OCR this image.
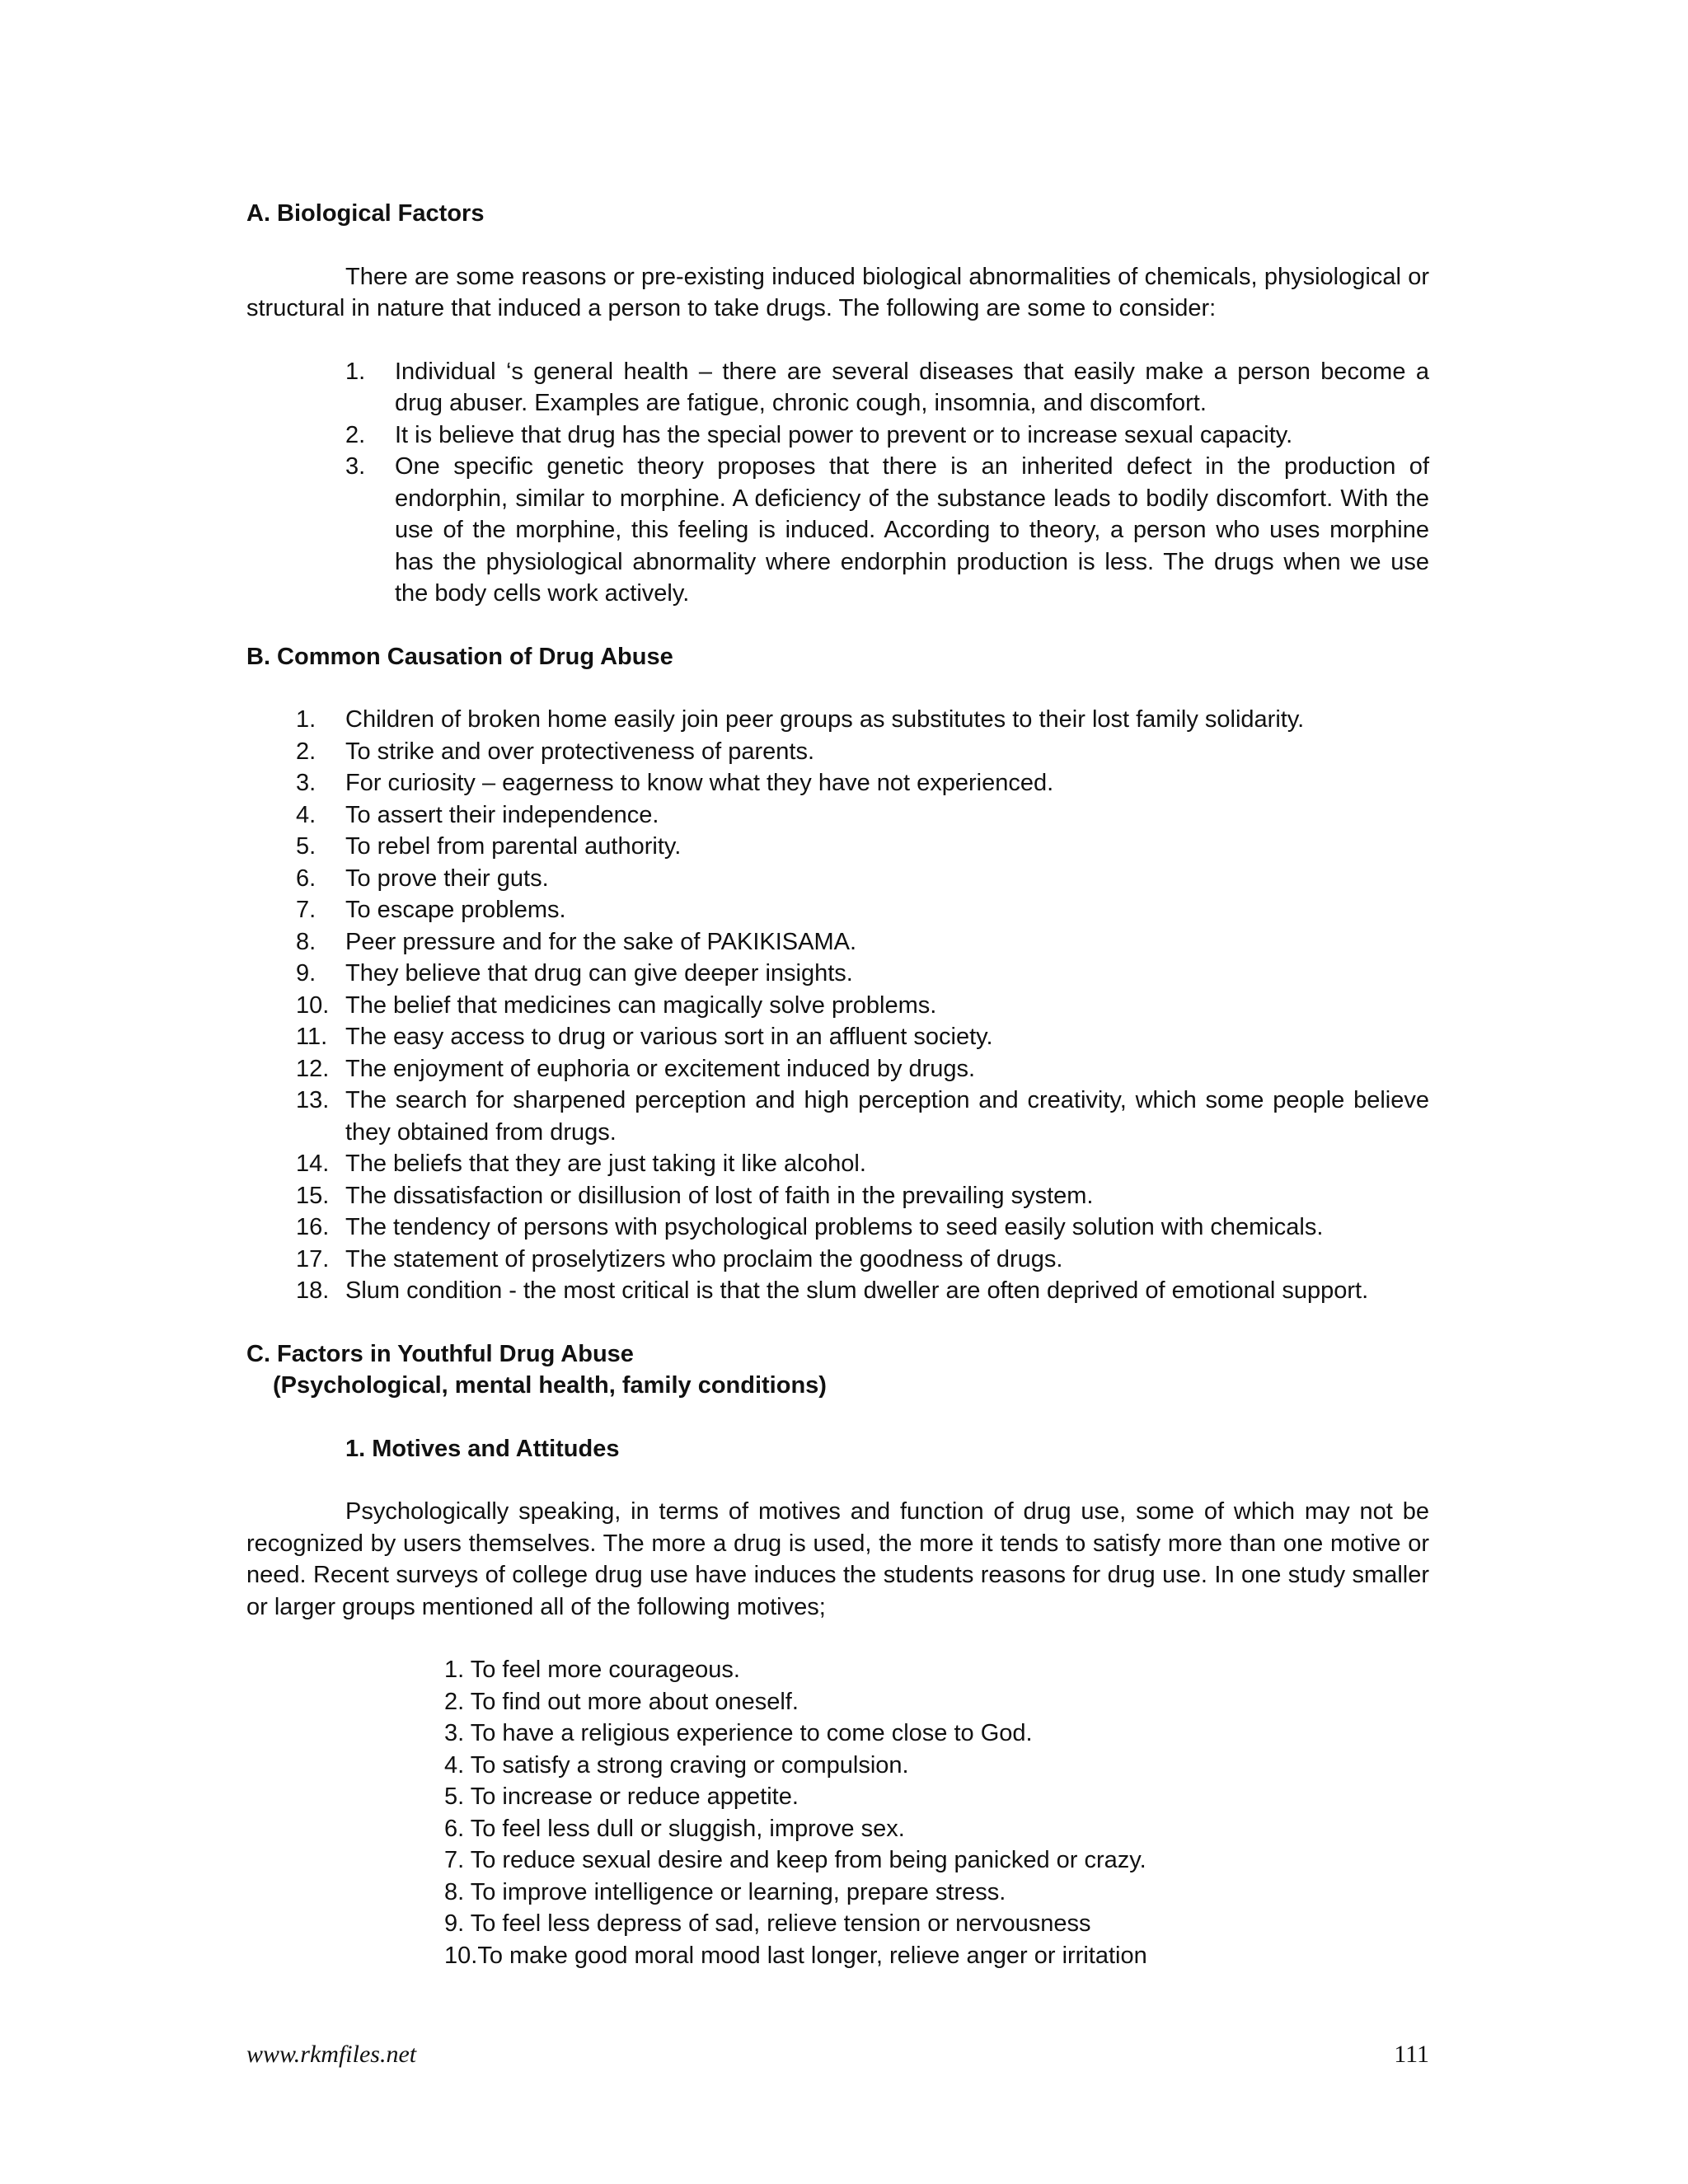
A. Biological Factors

There are some reasons or pre-existing induced biological abnormalities of chemicals, physiological or structural in nature that induced a person to take drugs. The following are some to consider:

1.	Individual ‘s general health – there are several diseases that easily make a person become a drug abuser. Examples are fatigue, chronic cough, insomnia, and discomfort.
2.	It is believe that drug has the special power to prevent or to increase sexual capacity.
3.	One specific genetic theory proposes that there is an inherited defect in the production of endorphin, similar to morphine. A deficiency of the substance leads to bodily discomfort. With the use of the morphine, this feeling is induced. According to theory, a person who uses morphine has the physiological abnormality where endorphin production is less. The drugs when we use the body cells work actively.
B. Common Causation of Drug Abuse
1.	Children of broken home easily join peer groups as substitutes to their lost family solidarity.
2.	To strike and over protectiveness of parents.
3.	For curiosity – eagerness to know what they have not experienced.
4.	To assert their independence.
5.	To rebel from parental authority.
6.	To prove their guts.
7.	To escape problems.
8.	Peer pressure and for the sake of PAKIKISAMA.
9.	They believe that drug can give deeper insights.
10. The belief that medicines can magically solve problems.
11. The easy access to drug or various sort in an affluent society.
12. The enjoyment of euphoria or excitement induced by drugs.
13. The search for sharpened perception and high perception and creativity, which some people believe they obtained from drugs.
14. The beliefs that they are just taking it like alcohol.
15. The dissatisfaction or disillusion of lost of faith in the prevailing system.
16. The tendency of persons with psychological problems to seed easily solution with chemicals.
17. The statement of proselytizers who proclaim the goodness of drugs.
18. Slum condition - the most critical is that the slum dweller are often deprived of emotional support.
C. Factors in Youthful Drug Abuse
(Psychological, mental health, family conditions)
1. Motives and Attitudes

Psychologically speaking, in terms of motives and function of drug use, some of which may not be recognized by users themselves. The more a drug is used, the more it tends to satisfy more than one motive or need. Recent surveys of college drug use have induces the students reasons for drug use. In one study smaller or larger groups mentioned all of the following motives;

1. To feel more courageous.
2. To find out more about oneself.
3. To have a religious experience to come close to God.
4. To satisfy a strong craving or compulsion.
5. To increase or reduce appetite.
6. To feel less dull or sluggish, improve sex.
7. To reduce sexual desire and keep from being panicked or crazy.
8. To improve intelligence or learning, prepare stress.
9. To feel less depress of sad, relieve tension or nervousness
10.To make good moral mood last longer, relieve anger or irritation
www.rkmfiles.net	111
